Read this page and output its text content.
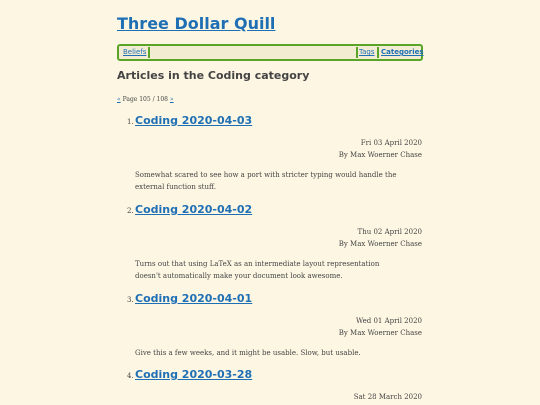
Three Dollar Quill
Beliefs	Tags Categories
Articles in the Coding category
« Page 105 / 108 »
1. Coding 2020-04-03
Fri 03 April 2020
By Max Woerner Chase
Somewhat scared to see how a port with stricter typing would handle the external function stuff.
2. Coding 2020-04-02
Thu 02 April 2020
By Max Woerner Chase
Turns out that using LaTeX as an intermediate layout representation doesn't automatically make your document look awesome.
3. Coding 2020-04-01
Wed 01 April 2020
By Max Woerner Chase
Give this a few weeks, and it might be usable. Slow, but usable.
4. Coding 2020-03-28
Sat 28 March 2020
